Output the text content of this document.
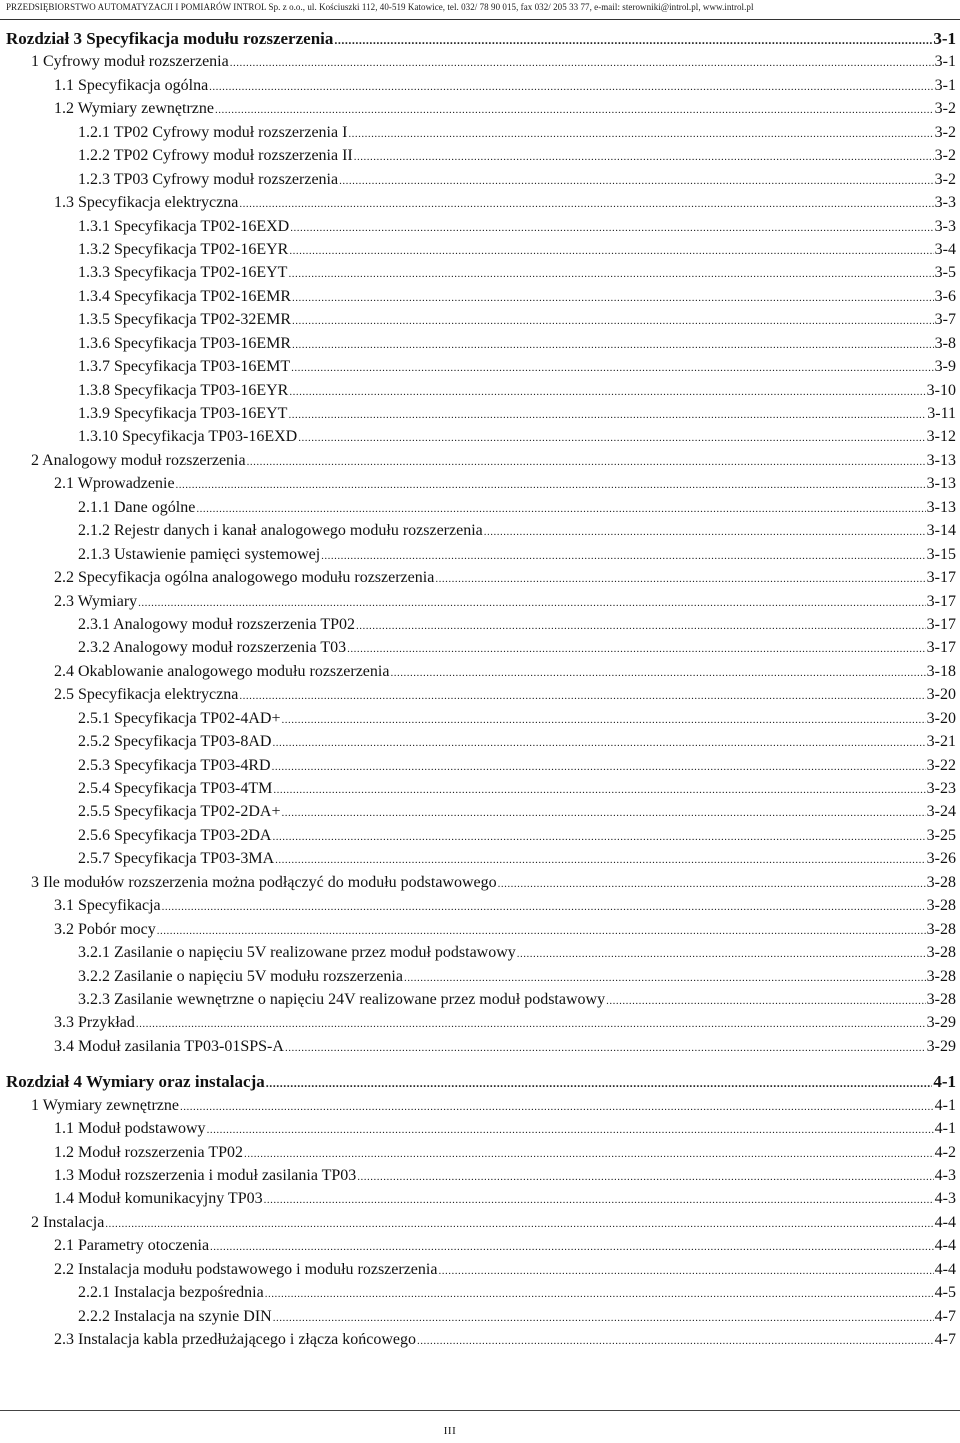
PRZEDSIĘBIORSTWO AUTOMATYZACJI I POMIARÓW INTROL Sp. z o.o., ul. Kościuszki 112, 40-519 Katowice, tel. 032/ 78 90 015, fax 032/ 205 33 77, e-mail: sterowniki@introl.pl, www.introl.pl
Rozdział 3 Specyfikacja modułu rozszerzenia .....	3-1
1 Cyfrowy moduł rozszerzenia .....	3-1
1.1 Specyfikacja ogólna .....	3-1
1.2 Wymiary zewnętrzne .....	3-2
1.2.1 TP02 Cyfrowy moduł rozszerzenia I .....	3-2
1.2.2 TP02 Cyfrowy moduł rozszerzenia II .....	3-2
1.2.3 TP03 Cyfrowy moduł rozszerzenia .....	3-2
1.3 Specyfikacja elektryczna .....	3-3
1.3.1 Specyfikacja TP02-16EXD .....	3-3
1.3.2 Specyfikacja TP02-16EYR .....	3-4
1.3.3 Specyfikacja TP02-16EYT .....	3-5
1.3.4 Specyfikacja TP02-16EMR .....	3-6
1.3.5 Specyfikacja TP02-32EMR .....	3-7
1.3.6 Specyfikacja TP03-16EMR .....	3-8
1.3.7 Specyfikacja TP03-16EMT .....	3-9
1.3.8 Specyfikacja TP03-16EYR .....	3-10
1.3.9 Specyfikacja TP03-16EYT .....	3-11
1.3.10 Specyfikacja TP03-16EXD .....	3-12
2 Analogowy moduł rozszerzenia .....	3-13
2.1 Wprowadzenie .....	3-13
2.1.1 Dane ogólne .....	3-13
2.1.2 Rejestr danych i kanał analogowego modułu rozszerzenia .....	3-14
2.1.3 Ustawienie pamięci systemowej .....	3-15
2.2 Specyfikacja ogólna analogowego modułu rozszerzenia .....	3-17
2.3 Wymiary .....	3-17
2.3.1 Analogowy moduł rozszerzenia TP02 .....	3-17
2.3.2 Analogowy moduł rozszerzenia T03 .....	3-17
2.4 Okablowanie analogowego modułu rozszerzenia .....	3-18
2.5 Specyfikacja elektryczna .....	3-20
2.5.1 Specyfikacja TP02-4AD+ .....	3-20
2.5.2 Specyfikacja TP03-8AD .....	3-21
2.5.3 Specyfikacja TP03-4RD .....	3-22
2.5.4 Specyfikacja TP03-4TM .....	3-23
2.5.5 Specyfikacja TP02-2DA+ .....	3-24
2.5.6 Specyfikacja TP03-2DA .....	3-25
2.5.7 Specyfikacja TP03-3MA .....	3-26
3 Ile modułów rozszerzenia można podłączyć do modułu podstawowego .....	3-28
3.1 Specyfikacja .....	3-28
3.2 Pobór mocy .....	3-28
3.2.1 Zasilanie o napięciu 5V realizowane przez moduł podstawowy .....	3-28
3.2.2 Zasilanie o napięciu 5V modułu rozszerzenia .....	3-28
3.2.3 Zasilanie wewnętrzne o napięciu 24V realizowane przez moduł podstawowy .....	3-28
3.3 Przykład .....	3-29
3.4 Moduł zasilania TP03-01SPS-A .....	3-29
Rozdział 4 Wymiary oraz instalacja .....	4-1
1 Wymiary zewnętrzne .....	4-1
1.1 Moduł podstawowy .....	4-1
1.2 Moduł rozszerzenia TP02 .....	4-2
1.3 Moduł rozszerzenia i moduł zasilania TP03 .....	4-3
1.4 Moduł komunikacyjny TP03 .....	4-3
2 Instalacja .....	4-4
2.1 Parametry otoczenia .....	4-4
2.2 Instalacja modułu podstawowego i modułu rozszerzenia .....	4-4
2.2.1 Instalacja bezpośrednia .....	4-5
2.2.2 Instalacja na szynie DIN .....	4-7
2.3 Instalacja kabla przedłużającego i złącza końcowego .....	4-7
III
